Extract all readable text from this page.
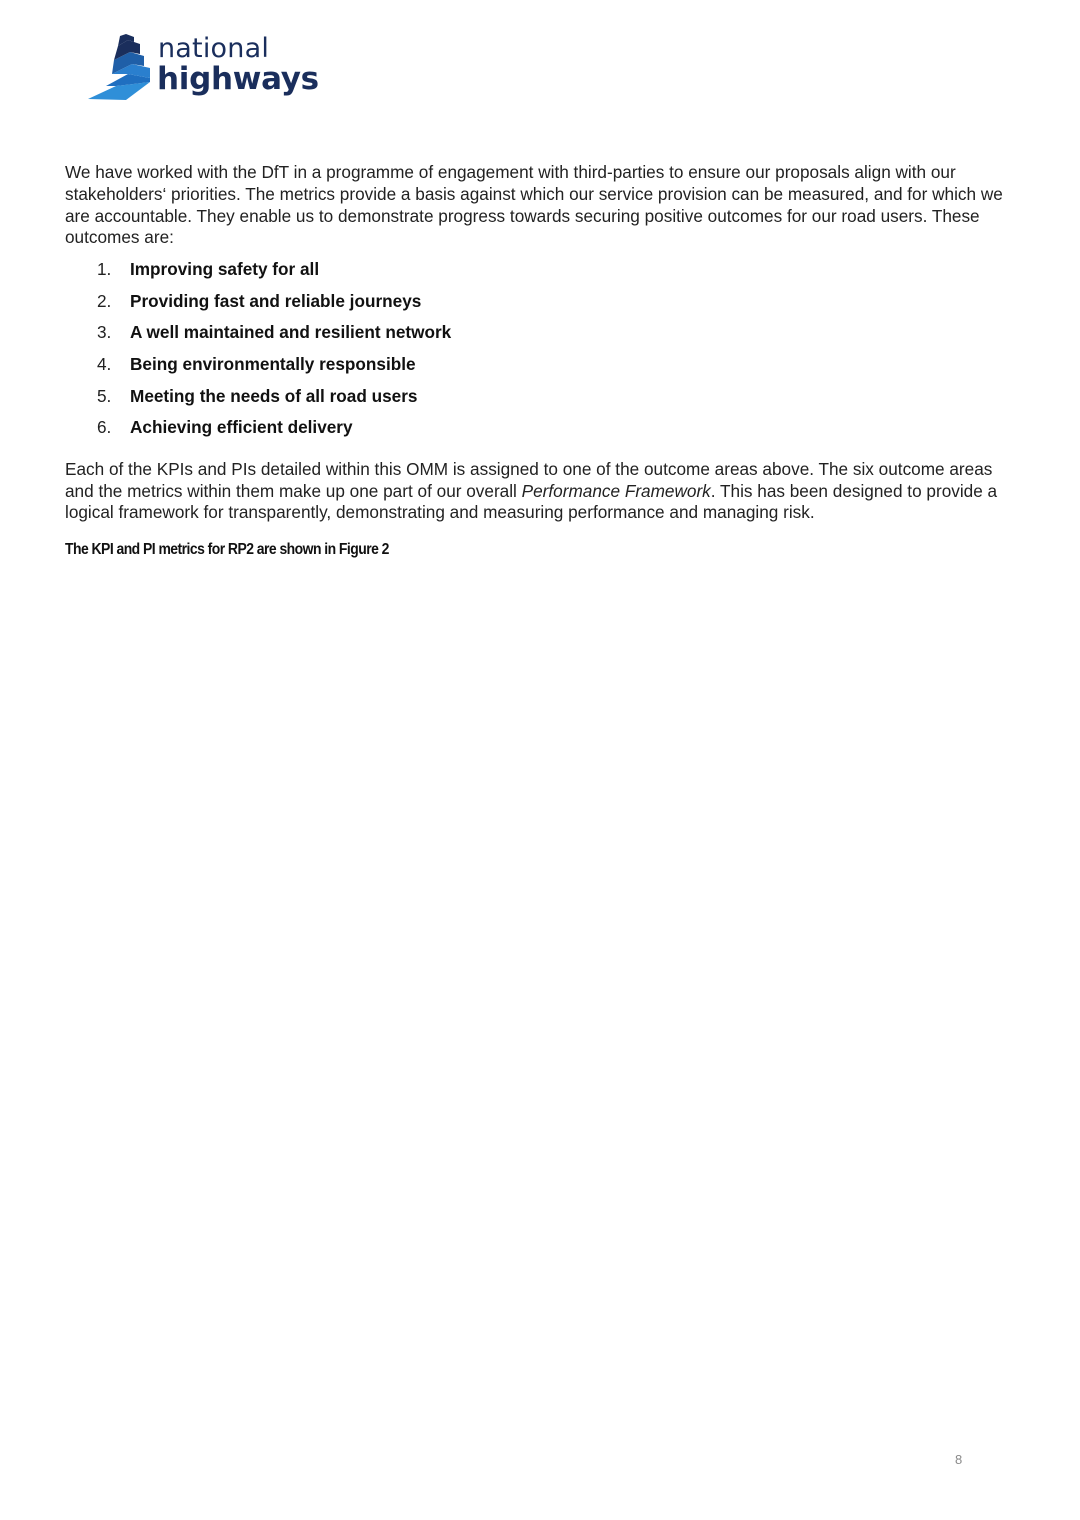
national
highways

We have worked with the DfT in a programme of engagement with third-parties to ensure our proposals align with our stakeholders‘ priorities. The metrics provide a basis against which our service provision can be measured, and for which we are accountable. They enable us to demonstrate progress towards securing positive outcomes for our road users. These outcomes are:

1.	Improving safety for all
2.	Providing fast and reliable journeys
3.	A well maintained and resilient network
4.	Being environmentally responsible
5.	Meeting the needs of all road users
6.	Achieving efficient delivery

Each of the KPIs and PIs detailed within this OMM is assigned to one of the outcome areas above. The six outcome areas and the metrics within them make up one part of our overall Performance Framework. This has been designed to provide a logical framework for transparently, demonstrating and measuring performance and managing risk.

The KPI and PI metrics for RP2 are shown in Figure 2
8
